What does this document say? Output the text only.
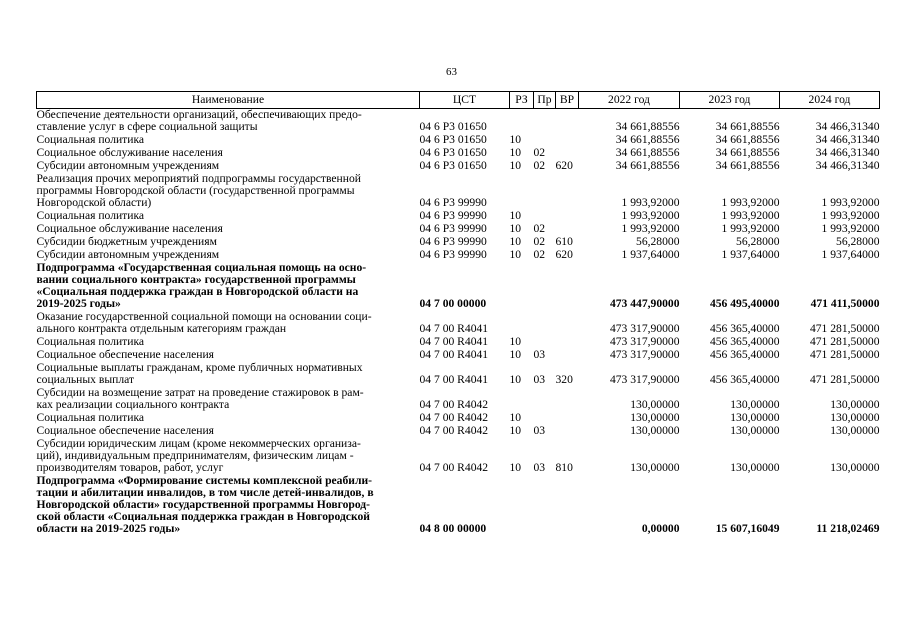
63
Наименование	ЦСТ	РЗ	Пр	ВР	2022 год	2023 год	2024 год

Обеспечение деятельности организаций, обеспечивающих предо-
ставление услуг в сфере социальной защиты	04 6 Р3 01650				34 661,88556	34 661,88556	34 466,31340
Социальная политика	04 6 Р3 01650	10			34 661,88556	34 661,88556	34 466,31340
Социальное обслуживание населения	04 6 Р3 01650	10	02		34 661,88556	34 661,88556	34 466,31340
Субсидии автономным учреждениям	04 6 Р3 01650	10	02	620	34 661,88556	34 661,88556	34 466,31340

Реализация прочих мероприятий подпрограммы государственной
программы Новгородской области (государственной программы
Новгородской области)	04 6 Р3 99990				1 993,92000	1 993,92000	1 993,92000
Социальная политика	04 6 Р3 99990	10			1 993,92000	1 993,92000	1 993,92000
Социальное обслуживание населения	04 6 Р3 99990	10	02		1 993,92000	1 993,92000	1 993,92000
Субсидии бюджетным учреждениям	04 6 Р3 99990	10	02	610	56,28000	56,28000	56,28000
Субсидии автономным учреждениям	04 6 Р3 99990	10	02	620	1 937,64000	1 937,64000	1 937,64000

Подпрограмма «Государственная социальная помощь на осно-
вании социального контракта» государственной программы
«Социальная поддержка граждан в Новгородской области на
2019-2025 годы»	04 7 00 00000				473 447,90000	456 495,40000	471 411,50000

Оказание государственной социальной помощи на основании соци-
ального контракта отдельным категориям граждан	04 7 00 R4041				473 317,90000	456 365,40000	471 281,50000
Социальная политика	04 7 00 R4041	10			473 317,90000	456 365,40000	471 281,50000
Социальное обеспечение населения	04 7 00 R4041	10	03		473 317,90000	456 365,40000	471 281,50000

Социальные выплаты гражданам, кроме публичных нормативных
социальных выплат	04 7 00 R4041	10	03	320	473 317,90000	456 365,40000	471 281,50000

Субсидии на возмещение затрат на проведение стажировок в рам-
ках реализации социального контракта	04 7 00 R4042				130,00000	130,00000	130,00000
Социальная политика	04 7 00 R4042	10			130,00000	130,00000	130,00000
Социальное обеспечение населения	04 7 00 R4042	10	03		130,00000	130,00000	130,00000

Субсидии юридическим лицам (кроме некоммерческих организа-
ций), индивидуальным предпринимателям, физическим лицам -
производителям товаров, работ, услуг	04 7 00 R4042	10	03	810	130,00000	130,00000	130,00000

Подпрограмма «Формирование системы комплексной реабили-
тации и абилитации инвалидов, в том числе детей-инвалидов, в
Новгородской области» государственной программы Новгород-
ской области «Социальная поддержка граждан в Новгородской
области на 2019-2025 годы»	04 8 00 00000				0,00000	15 607,16049	11 218,02469
